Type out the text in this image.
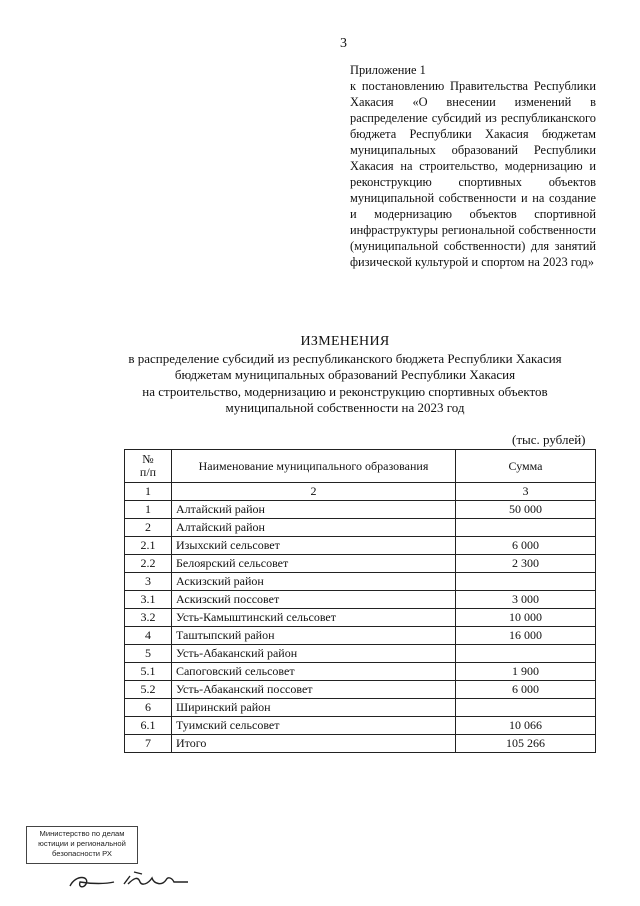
3
Приложение 1
к постановлению Правительства Республики Хакасия «О внесении изменений в распределение субсидий из республиканского бюджета Республики Хакасия бюджетам муниципальных образований Республики Хакасия на строительство, модернизацию и реконструкцию спортивных объектов муниципальной собственности и на создание и модернизацию объектов спортивной инфраструктуры региональной собственности (муниципальной собственности) для занятий физической культурой и спортом на 2023 год»
ИЗМЕНЕНИЯ
в распределение субсидий из республиканского бюджета Республики Хакасия
бюджетам муниципальных образований Республики Хакасия
на строительство, модернизацию и реконструкцию спортивных объектов
муниципальной собственности на 2023 год
(тыс. рублей)
№
п/п	Наименование муниципального образования	Сумма
1	2	3
1	Алтайский район	50 000
2	Алтайский район	
2.1	Изыхский сельсовет	6 000
2.2	Белоярский сельсовет	2 300
3	Аскизский район	
3.1	Аскизский поссовет	3 000
3.2	Усть-Камыштинский сельсовет	10 000
4	Таштыпский район	16 000
5	Усть-Абаканский район	
5.1	Сапоговский сельсовет	1 900
5.2	Усть-Абаканский поссовет	6 000
6	Ширинский район	
6.1	Туимский сельсовет	10 066
7	Итого	105 266
Министерство по делам
юстиции и региональной
безопасности РХ
